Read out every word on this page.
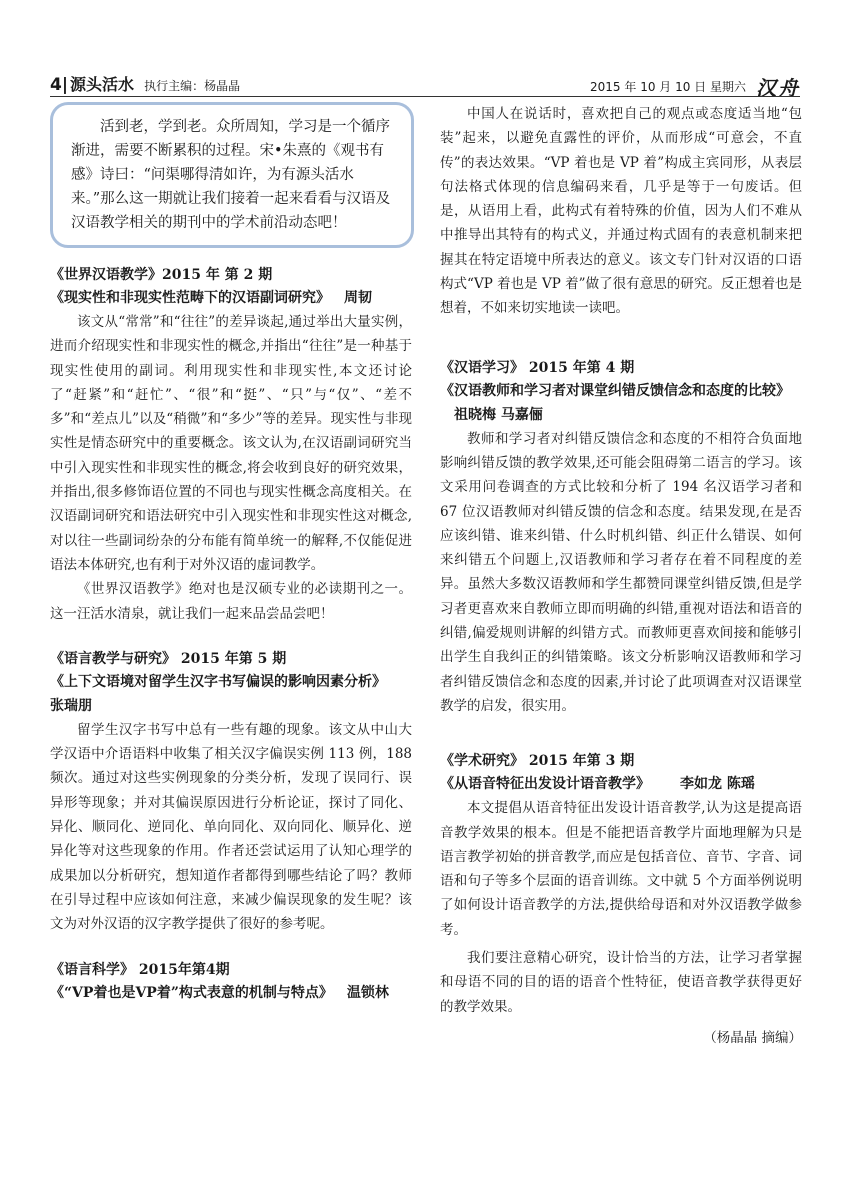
4| 源头活水 执行主编：杨晶晶	2015 年 10 月 10 日 星期六 汉舟

活到老，学到老。众所周知，学习是一个循序渐进，需要不断累积的过程。宋•朱熹的《观书有感》诗曰：“问渠哪得清如许，为有源头活水来。”那么这一期就让我们接着一起来看看与汉语及汉语教学相关的期刊中的学术前沿动态吧！

《世界汉语教学》2015 年 第 2 期
《现实性和非现实性范畴下的汉语副词研究》 周韧

该文从“常常”和“往往”的差异谈起,通过举出大量实例，进而介绍现实性和非现实性的概念,并指出“往往”是一种基于现实性使用的副词。利用现实性和非现实性,本文还讨论了“赶紧”和“赶忙”、“很”和“挺”、“只”与“仅”、“差不多”和“差点儿”以及“稍微”和“多少”等的差异。现实性与非现实性是情态研究中的重要概念。该文认为,在汉语副词研究当中引入现实性和非现实性的概念,将会收到良好的研究效果，并指出,很多修饰语位置的不同也与现实性概念高度相关。在汉语副词研究和语法研究中引入现实性和非现实性这对概念,对以往一些副词纷杂的分布能有简单统一的解释,不仅能促进语法本体研究,也有利于对外汉语的虚词教学。

《世界汉语教学》绝对也是汉硕专业的必读期刊之一。这一汪活水清泉，就让我们一起来品尝品尝吧！

《语言教学与研究》 2015 年第 5 期
《上下文语境对留学生汉字书写偏误的影响因素分析》
张瑞朋

留学生汉字书写中总有一些有趣的现象。该文从中山大学汉语中介语语料中收集了相关汉字偏误实例 113 例，188 频次。通过对这些实例现象的分类分析，发现了误同行、误异形等现象；并对其偏误原因进行分析论证，探讨了同化、异化、顺同化、逆同化、单向同化、双向同化、顺异化、逆异化等对这些现象的作用。作者还尝试运用了认知心理学的成果加以分析研究，想知道作者都得到哪些结论了吗？教师在引导过程中应该如何注意，来减少偏误现象的发生呢？该文为对外汉语的汉字教学提供了很好的参考呢。

《语言科学》 2015年第4期
《“VP着也是VP着”构式表意的机制与特点》 温锁林

中国人在说话时，喜欢把自己的观点或态度适当地“包装”起来，以避免直露性的评价，从而形成“可意会，不直传”的表达效果。“VP 着也是 VP 着”构成主宾同形，从表层句法格式体现的信息编码来看，几乎是等于一句废话。但是，从语用上看，此构式有着特殊的价值，因为人们不难从中推导出其特有的构式义，并通过构式固有的表意机制来把握其在特定语境中所表达的意义。该文专门针对汉语的口语构式“VP 着也是 VP 着”做了很有意思的研究。反正想着也是想着，不如来切实地读一读吧。

《汉语学习》 2015 年第 4 期
《汉语教师和学习者对课堂纠错反馈信念和态度的比较》祖晓梅 马嘉俪

教师和学习者对纠错反馈信念和态度的不相符合负面地影响纠错反馈的教学效果,还可能会阻碍第二语言的学习。该文采用问卷调查的方式比较和分析了 194 名汉语学习者和 67 位汉语教师对纠错反馈的信念和态度。结果发现,在是否应该纠错、谁来纠错、什么时机纠错、纠正什么错误、如何来纠错五个问题上,汉语教师和学习者存在着不同程度的差异。虽然大多数汉语教师和学生都赞同课堂纠错反馈,但是学习者更喜欢来自教师立即而明确的纠错,重视对语法和语音的纠错,偏爱规则讲解的纠错方式。而教师更喜欢间接和能够引出学生自我纠正的纠错策略。该文分析影响汉语教师和学习者纠错反馈信念和态度的因素,并讨论了此项调查对汉语课堂教学的启发，很实用。

《学术研究》 2015 年第 3 期
《从语音特征出发设计语音教学》 李如龙 陈瑶

本文提倡从语音特征出发设计语音教学,认为这是提高语音教学效果的根本。但是不能把语音教学片面地理解为只是语言教学初始的拼音教学,而应是包括音位、音节、字音、词语和句子等多个层面的语音训练。文中就 5 个方面举例说明了如何设计语音教学的方法,提供给母语和对外汉语教学做参考。

我们要注意精心研究，设计恰当的方法，让学习者掌握和母语不同的目的语的语音个性特征，使语音教学获得更好的教学效果。

（杨晶晶 摘编）
